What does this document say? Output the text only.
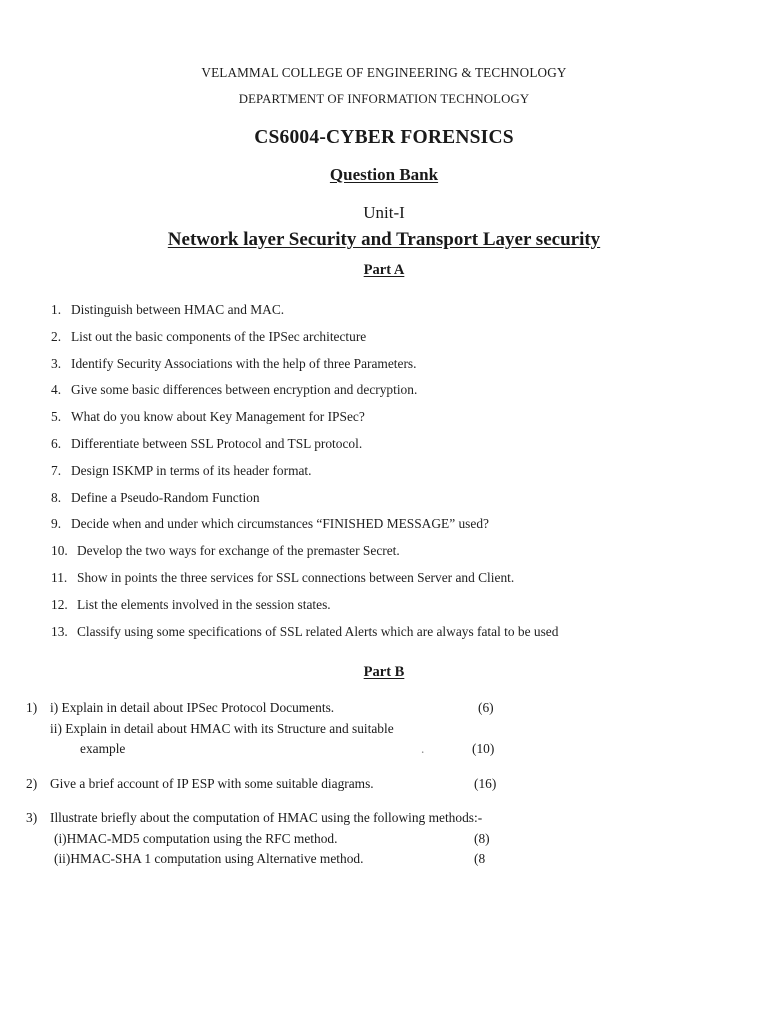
VELAMMAL COLLEGE OF ENGINEERING & TECHNOLOGY
DEPARTMENT OF INFORMATION TECHNOLOGY
CS6004-CYBER FORENSICS
Question Bank
Unit-I
Network layer Security and Transport Layer security
Part A
1. Distinguish between HMAC and MAC.
2. List out the basic components of the IPSec architecture
3. Identify Security Associations with the help of three Parameters.
4. Give some basic differences between encryption and decryption.
5. What do you know about Key Management for IPSec?
6. Differentiate between SSL Protocol and TSL protocol.
7. Design ISKMP in terms of its header format.
8. Define a Pseudo-Random Function
9. Decide when and under which circumstances “FINISHED MESSAGE” used?
10. Develop the two ways for exchange of the premaster Secret.
11. Show in points the three services for SSL connections between Server and Client.
12. List the elements involved in the session states.
13. Classify using some specifications of SSL related Alerts which are always fatal to be used
Part B
1) i) Explain in detail about IPSec Protocol Documents.	(6)
ii) Explain in detail about HMAC with its Structure and suitable
example	.	(10)
2) Give a brief account of IP ESP with some suitable diagrams.	(16)
3) Illustrate briefly about the computation of HMAC using the following methods:-
(i)HMAC-MD5 computation using the RFC method.	(8)
(ii)HMAC-SHA 1 computation using Alternative method.	(8
